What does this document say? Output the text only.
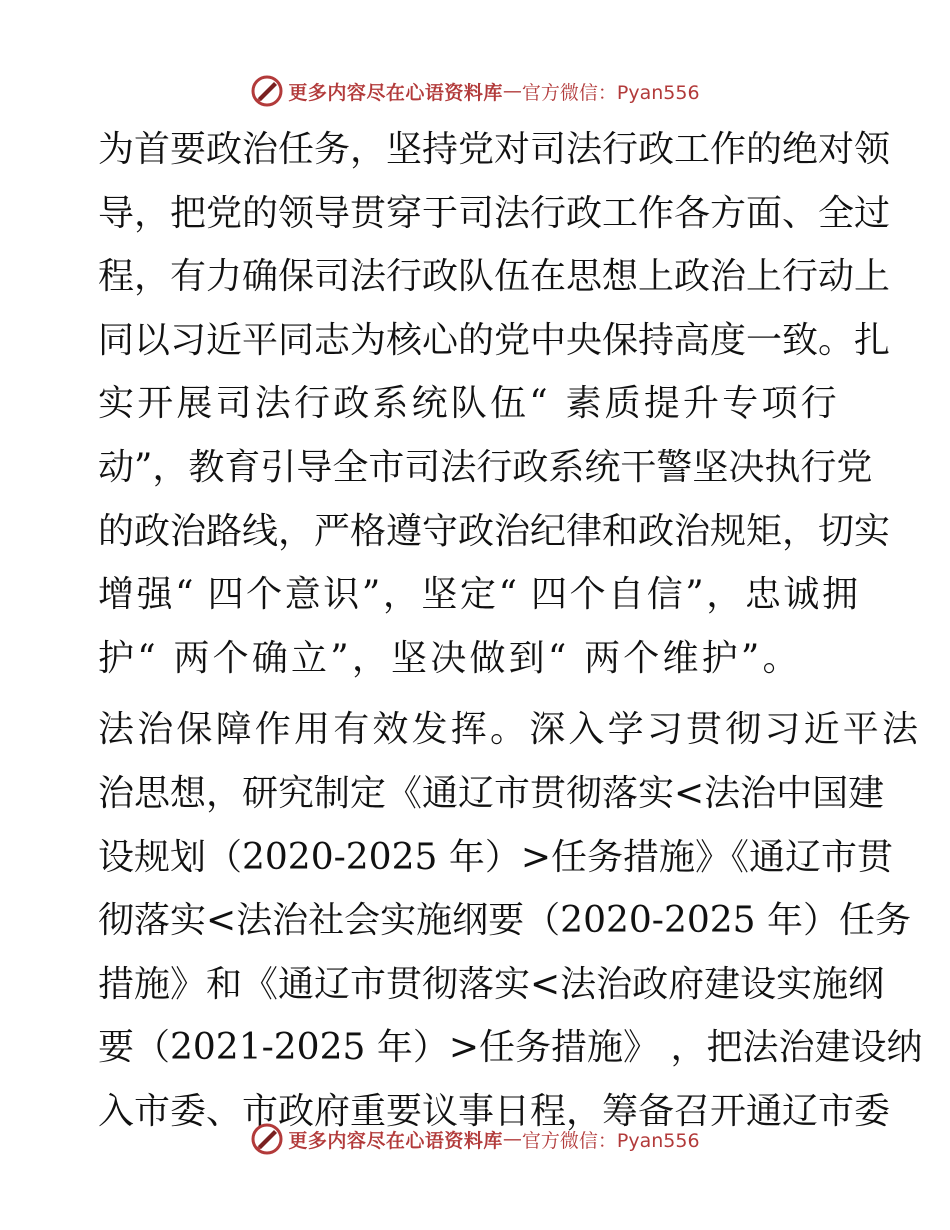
更多内容尽在心语资料库 — 官方微信：Pyan556
为首要政治任务，坚持党对司法行政工作的绝对领
导，把党的领导贯穿于司法行政工作各方面、全过
程，有力确保司法行政队伍在思想上政治上行动上
同以习近平同志为核心的党中央保持高度一致。扎
实开展司法行政系统队伍“ 素质提升专项行
动”，教育引导全市司法行政系统干警坚决执行党
的政治路线，严格遵守政治纪律和政治规矩，切实
增强“ 四个意识”，坚定“ 四个自信”，忠诚拥
护“ 两个确立”，坚决做到“ 两个维护”。
法治保障作用有效发挥。深入学习贯彻习近平法
治思想，研究制定《通辽市贯彻落实<法治中国建
设规划（2020-2025 年）>任务措施》《通辽市贯
彻落实<法治社会实施纲要（2020-2025 年）任务
措施》和《通辽市贯彻落实<法治政府建设实施纲
要（2021-2025 年）>任务措施》 ，把法治建设纳
入市委、市政府重要议事日程，筹备召开通辽市委
更多内容尽在心语资料库 — 官方微信：Pyan556
